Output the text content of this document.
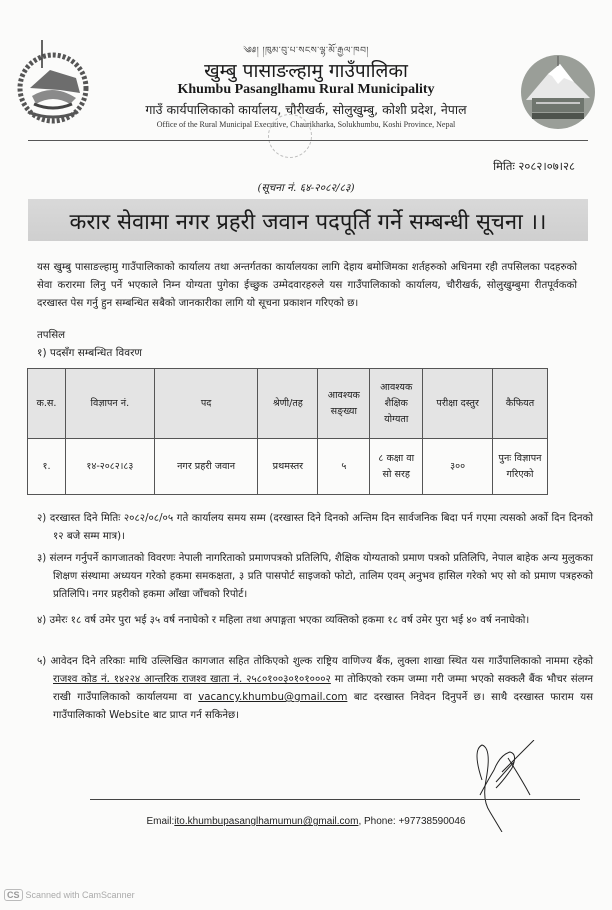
༄༅། །ཁུམ་བུ་པ་སངས་ལྷ་མོ་རྒྱལ་ཁབ།
खुम्बु पासाङल्हामु गाउँपालिका
Khumbu Pasanglhamu Rural Municipality
गाउँ कार्यपालिकाको कार्यालय, चौरीखर्क, सोलुखुम्बु, कोशी प्रदेश, नेपाल
Office of the Rural Municipal Executive, Chaurikharka, Solukhumbu, Koshi Province, Nepal
मितिः २०८२।०७।२८
(सूचना नं. ६४-२०८२/८३)
करार सेवामा नगर प्रहरी जवान पदपूर्ति गर्ने सम्बन्धी सूचना ।।
यस खुम्बु पासाङल्हामु गाउँपालिकाको कार्यालय तथा अन्तर्गतका कार्यालयका लागि देहाय बमोजिमका शर्तहरुको अधिनमा रही तपसिलका पदहरुको सेवा करारमा लिनु पर्ने भएकाले निम्न योग्यता पुगेका ईच्छुक उम्मेदवारहरुले यस गाउँपालिकाको कार्यालय, चौरीखर्क, सोलुखुम्बुमा रीतपूर्वकको दरखास्त पेस गर्नु हुन सम्बन्धित सबैको जानकारीका लागि यो सूचना प्रकाशन गरिएको छ।
तपसिल
१) पदसँग सम्बन्धित विवरण
क.स.	विज्ञापन नं.	पद	श्रेणी/तह	आवश्यक सङ्ख्या	आवश्यक शैक्षिक योग्यता	परीक्षा दस्तुर	कैफियत
१.	१४-२०८२।८३	नगर प्रहरी जवान	प्रथमस्तर	५	८ कक्षा वा सो सरह	३००	पुनः विज्ञापन गरिएको
२) दरखास्त दिने मितिः २०८२/०८/०५ गते कार्यालय समय सम्म (दरखास्त दिने दिनको अन्तिम दिन सार्वजनिक बिदा पर्न गएमा त्यसको अर्को दिन दिनको १२ बजे सम्म मात्र)।
३) संलग्न गर्नुपर्ने कागजातको विवरणः नेपाली नागरिताको प्रमाणपत्रको प्रतिलिपि, शैक्षिक योग्यताको प्रमाण पत्रको प्रतिलिपि, नेपाल बाहेक अन्य मुलुकका शिक्षण संस्थामा अध्ययन गरेको हकमा समकक्षता, ३ प्रति पासपोर्ट साइजको फोटो, तालिम एवम् अनुभव हासिल गरेको भए सो को प्रमाण पत्रहरुको प्रतिलिपि। नगर प्रहरीको हकमा आँखा जाँचको रिपोर्ट।
४) उमेरः १८ वर्ष उमेर पुरा भई ३५ वर्ष ननाघेको र महिला तथा अपाङ्गता भएका व्यक्तिको हकमा १८ वर्ष उमेर पुरा भई ४० वर्ष ननाघेको।
५) आवेदन दिने तरिकाः माथि उल्लिखित कागजात सहित तोकिएको शुल्क राष्ट्रिय वाणिज्य बैंक, लुक्ला शाखा स्थित यस गाउँपालिकाको नाममा रहेको राजश्व कोड नं. १४२२४ आन्तरिक राजश्व खाता नं. २५८०१००३०१०१०००२ मा तोकिएको रकम जम्मा गरी जम्मा भएको सक्कलै बैंक भौचर संलग्न राखी गाउँपालिकाको कार्यालयमा वा vacancy.khumbu@gmail.com बाट दरखास्त निवेदन दिनुपर्ने छ। साथै दरखास्त फाराम यस गाउँपालिकाको Website बाट प्राप्त गर्न सकिनेछ।
Email:ito.khumbupasanglhamumun@gmail.com, Phone: +97738590046
CS Scanned with CamScanner
